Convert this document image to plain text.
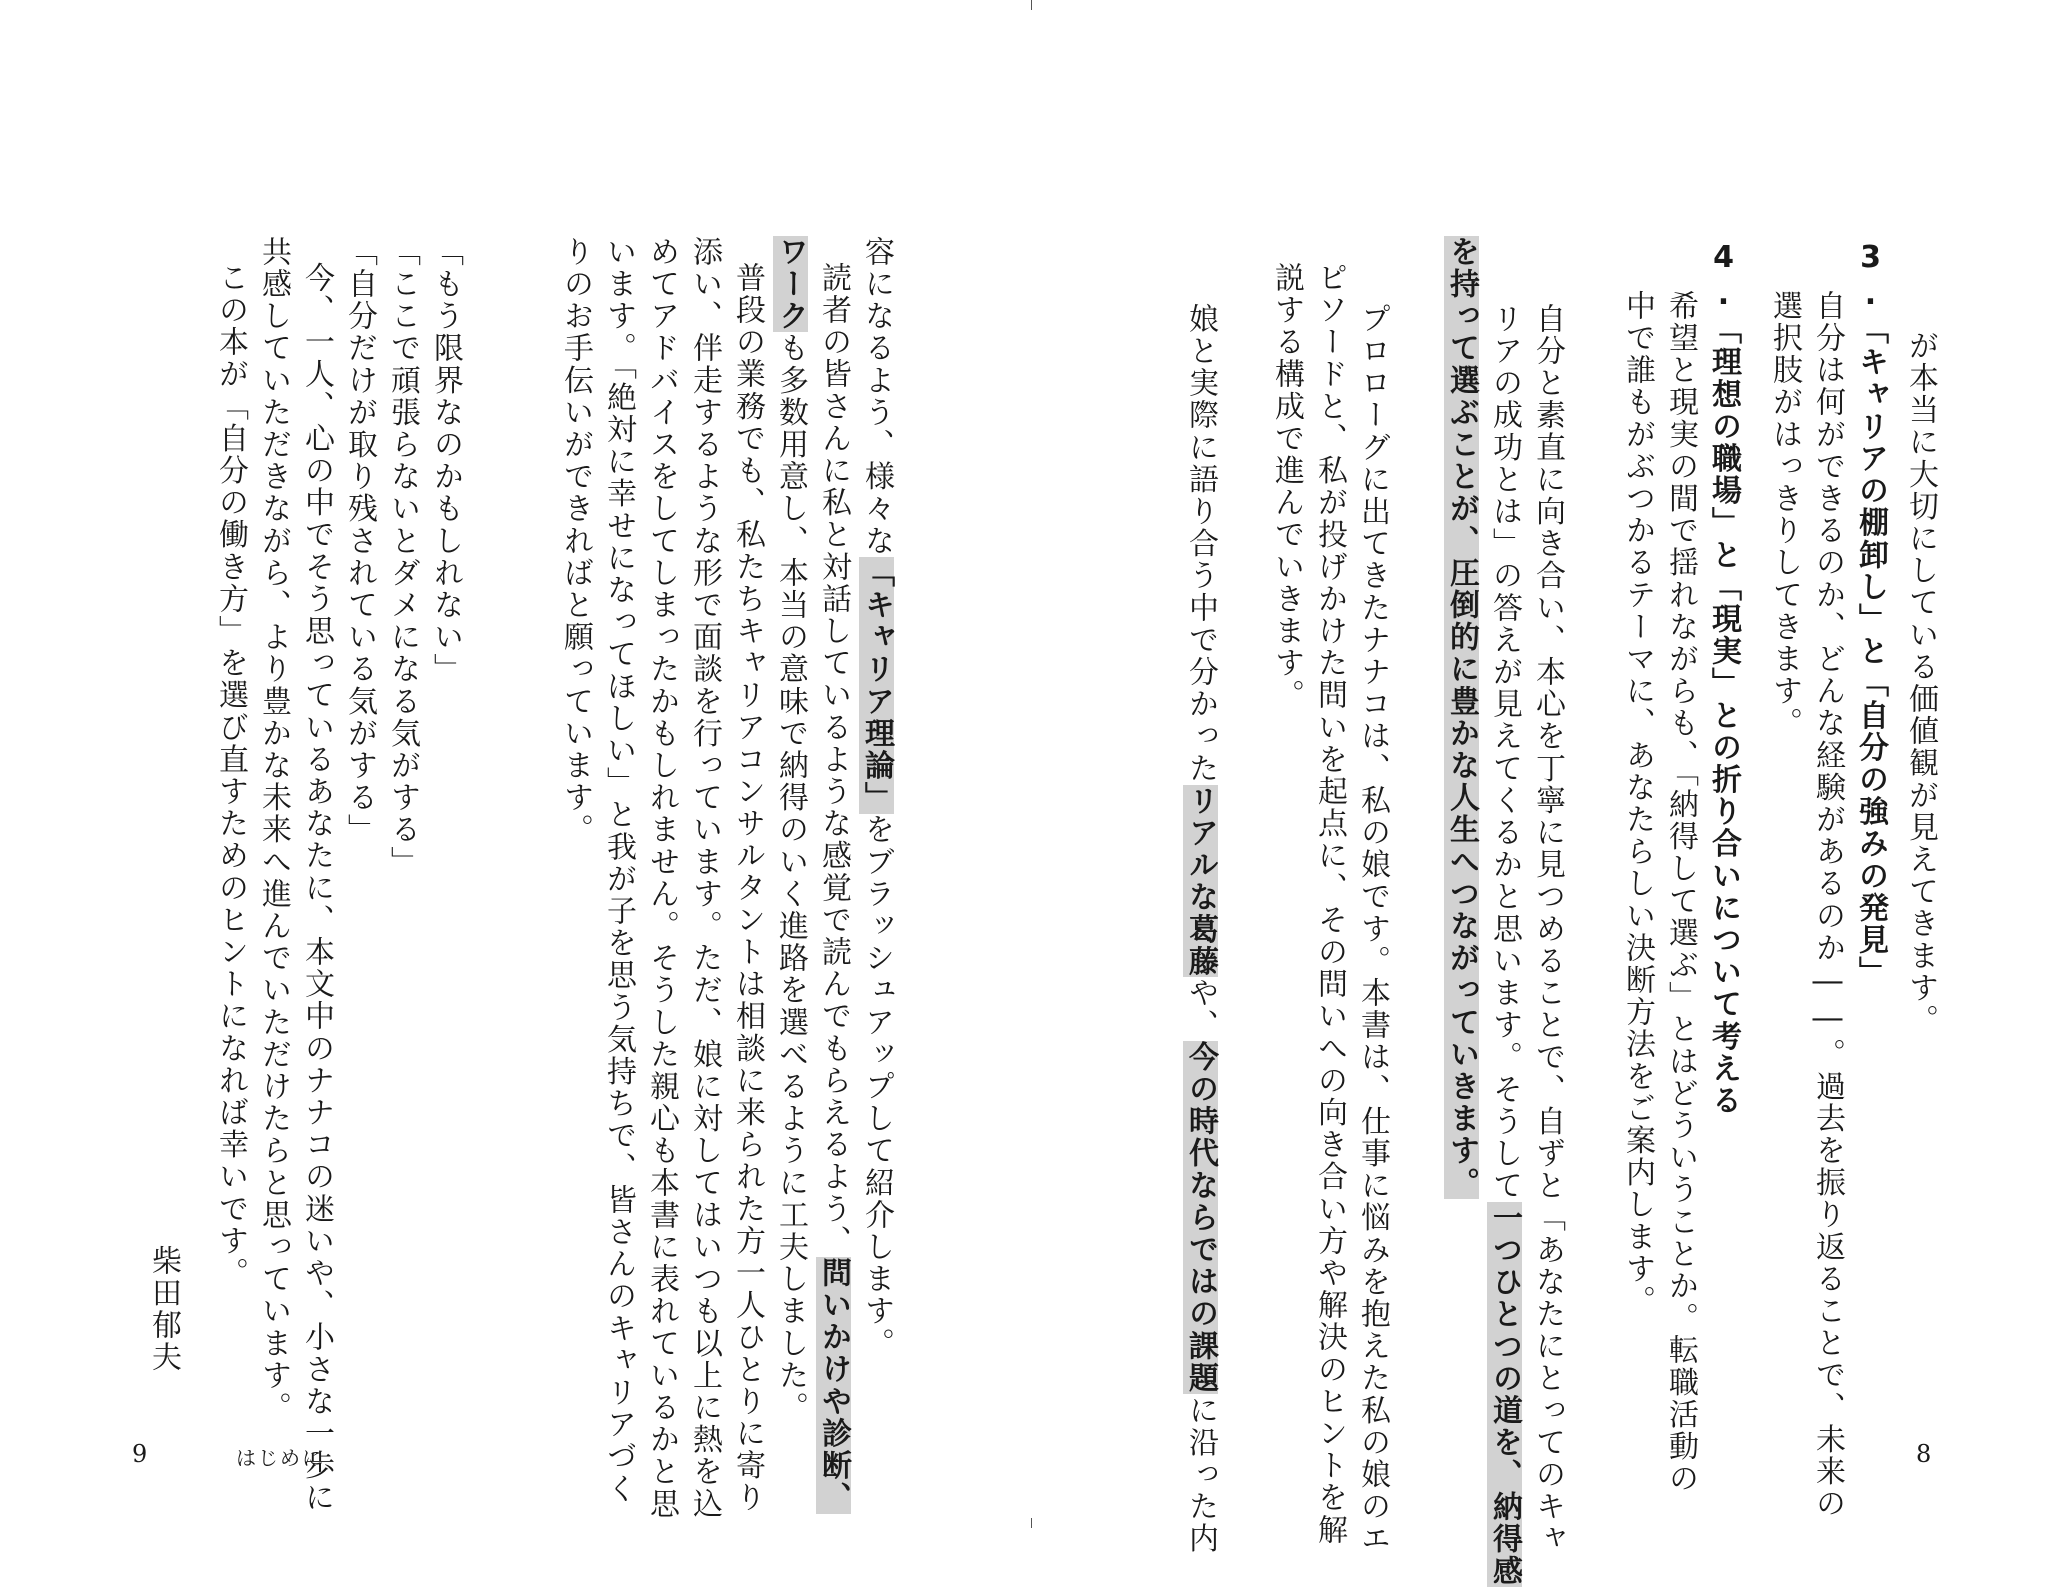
が本当に大切にしている価値観が見えてきます。
3.「キャリアの棚卸し」と「自分の強みの発見」
自分は何ができるのか、どんな経験があるのか――。過去を振り返ることで、未来の
選択肢がはっきりしてきます。
4.「理想の職場」と「現実」との折り合いについて考える
希望と現実の間で揺れながらも、「納得して選ぶ」とはどういうことか。転職活動の
中で誰もがぶつかるテーマに、あなたらしい決断方法をご案内します。
自分と素直に向き合い、本心を丁寧に見つめることで、自ずと「あなたにとってのキャ
リアの成功とは」の答えが見えてくるかと思います。そうして一つひとつの道を、納得感
を持って選ぶことが、圧倒的に豊かな人生へつながっていきます。
プロローグに出てきたナナコは、私の娘です。本書は、仕事に悩みを抱えた私の娘のエ
ピソードと、私が投げかけた問いを起点に、その問いへの向き合い方や解決のヒントを解
説する構成で進んでいきます。
娘と実際に語り合う中で分かったリアルな葛藤や、今の時代ならではの課題に沿った内	8
容になるよう、様々な「キャリア理論」をブラッシュアップして紹介します。
読者の皆さんに私と対話しているような感覚で読んでもらえるよう、問いかけや診断、
ワークも多数用意し、本当の意味で納得のいく進路を選べるように工夫しました。
普段の業務でも、私たちキャリアコンサルタントは相談に来られた方一人ひとりに寄り
添い、伴走するような形で面談を行っています。ただ、娘に対してはいつも以上に熱を込
めてアドバイスをしてしまったかもしれません。そうした親心も本書に表れているかと思
います。「絶対に幸せになってほしい」と我が子を思う気持ちで、皆さんのキャリアづく
りのお手伝いができればと願っています。
「もう限界なのかもしれない」
「ここで頑張らないとダメになる気がする」
「自分だけが取り残されている気がする」
今、一人、心の中でそう思っているあなたに、本文中のナナコの迷いや、小さな一歩に
共感していただきながら、より豊かな未来へ進んでいただけたらと思っています。
この本が「自分の働き方」を選び直すためのヒントになれば幸いです。
柴田郁夫
9	はじめに
